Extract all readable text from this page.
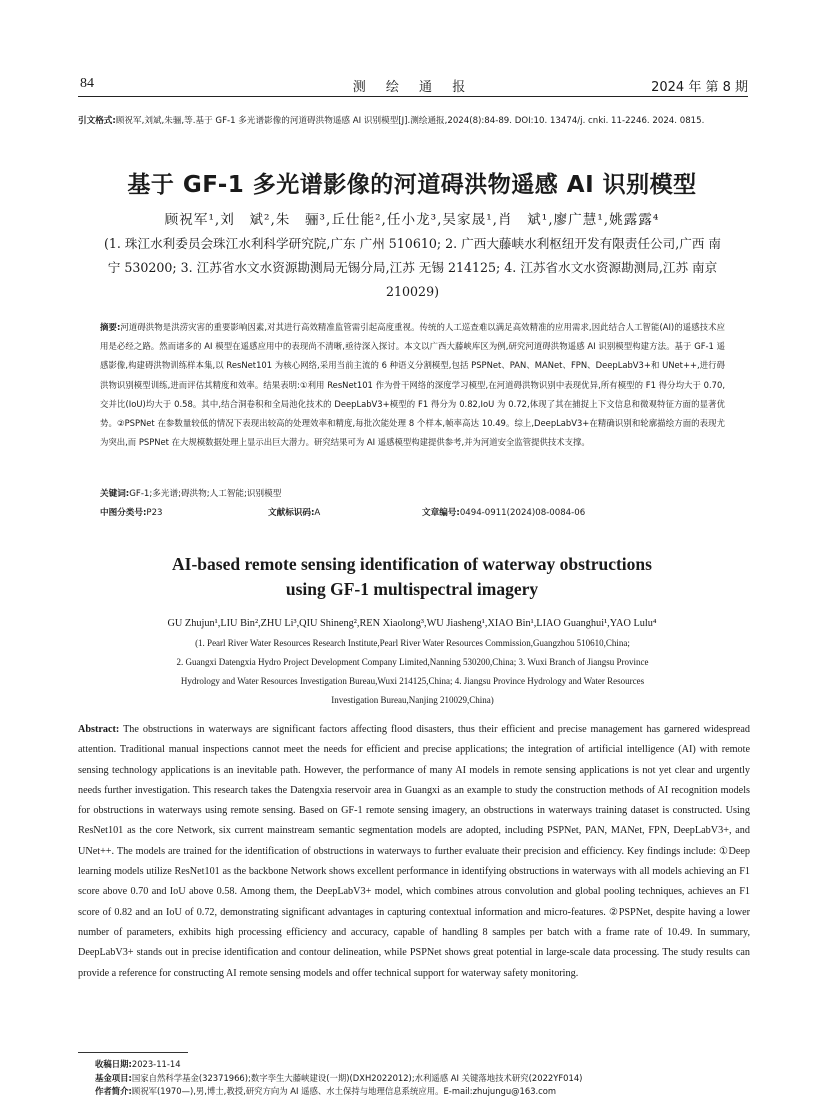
84	测 绘 通 报	2024 年 第 8 期
引文格式:顾祝军,刘斌,朱骊,等.基于 GF-1 多光谱影像的河道碍洪物遥感 AI 识别模型[J].测绘通报,2024(8):84-89. DOI:10. 13474/j. cnki. 11-2246. 2024. 0815.
基于 GF-1 多光谱影像的河道碍洪物遥感 AI 识别模型
顾祝军¹,刘　斌²,朱　骊³,丘仕能²,任小龙³,吴家晟¹,肖　斌¹,廖广慧¹,姚露露⁴
(1. 珠江水利委员会珠江水利科学研究院,广东 广州 510610; 2. 广西大藤峡水利枢纽开发有限责任公司,广西 南宁 530200; 3. 江苏省水文水资源勘测局无锡分局,江苏 无锡 214125; 4. 江苏省水文水资源勘测局,江苏 南京 210029)
摘要:河道碍洪物是洪涝灾害的重要影响因素,对其进行高效精准监管需引起高度重视。传统的人工巡查难以满足高效精准的应用需求,因此结合人工智能(AI)的遥感技术应用是必经之路。然而诸多的 AI 模型在遥感应用中的表现尚不清晰,亟待深入探讨。本文以广西大藤峡库区为例,研究河道碍洪物遥感 AI 识别模型构建方法。基于 GF-1 遥感影像,构建碍洪物训练样本集,以 ResNet101 为核心网络,采用当前主流的 6 种语义分割模型,包括 PSPNet、PAN、MANet、FPN、DeepLabV3+和 UNet++,进行碍洪物识别模型训练,进而评估其精度和效率。结果表明:①利用 ResNet101 作为骨干网络的深度学习模型,在河道碍洪物识别中表现优异,所有模型的 F1 得分均大于 0.70,交并比(IoU)均大于 0.58。其中,结合洞卷积和全局池化技术的 DeepLabV3+模型的 F1 得分为 0.82,IoU 为 0.72,体现了其在捕捉上下文信息和微观特征方面的显著优势。②PSPNet 在参数量较低的情况下表现出较高的处理效率和精度,每批次能处理 8 个样本,帧率高达 10.49。综上,DeepLabV3+在精确识别和轮廓描绘方面的表现尤为突出,而 PSPNet 在大规模数据处理上显示出巨大潜力。研究结果可为 AI 遥感模型构建提供参考,并为河道安全监管提供技术支撑。
关键词:GF-1;多光谱;碍洪物;人工智能;识别模型
中图分类号:P23	文献标识码:A	文章编号:0494-0911(2024)08-0084-06
AI-based remote sensing identification of waterway obstructions
using GF-1 multispectral imagery
GU Zhujun¹,LIU Bin²,ZHU Li³,QIU Shineng²,REN Xiaolong³,WU Jiasheng¹,XIAO Bin¹,LIAO Guanghui¹,YAO Lulu⁴
(1. Pearl River Water Resources Research Institute,Pearl River Water Resources Commission,Guangzhou 510610,China;
2. Guangxi Datengxia Hydro Project Development Company Limited,Nanning 530200,China; 3. Wuxi Branch of Jiangsu Province
Hydrology and Water Resources Investigation Bureau,Wuxi 214125,China; 4. Jiangsu Province Hydrology and Water Resources
Investigation Bureau,Nanjing 210029,China)
Abstract: The obstructions in waterways are significant factors affecting flood disasters, thus their efficient and precise management has garnered widespread attention. Traditional manual inspections cannot meet the needs for efficient and precise applications; the integration of artificial intelligence (AI) with remote sensing technology applications is an inevitable path. However, the performance of many AI models in remote sensing applications is not yet clear and urgently needs further investigation. This research takes the Datengxia reservoir area in Guangxi as an example to study the construction methods of AI recognition models for obstructions in waterways using remote sensing. Based on GF-1 remote sensing imagery, an obstructions in waterways training dataset is constructed. Using ResNet101 as the core Network, six current mainstream semantic segmentation models are adopted, including PSPNet, PAN, MANet, FPN, DeepLabV3+, and UNet++. The models are trained for the identification of obstructions in waterways to further evaluate their precision and efficiency. Key findings include: ①Deep learning models utilize ResNet101 as the backbone Network shows excellent performance in identifying obstructions in waterways with all models achieving an F1 score above 0.70 and IoU above 0.58. Among them, the DeepLabV3+ model, which combines atrous convolution and global pooling techniques, achieves an F1 score of 0.82 and an IoU of 0.72, demonstrating significant advantages in capturing contextual information and micro-features. ②PSPNet, despite having a lower number of parameters, exhibits high processing efficiency and accuracy, capable of handling 8 samples per batch with a frame rate of 10.49. In summary, DeepLabV3+ stands out in precise identification and contour delineation, while PSPNet shows great potential in large-scale data processing. The study results can provide a reference for constructing AI remote sensing models and offer technical support for waterway safety monitoring.
收稿日期:2023-11-14
基金项目:国家自然科学基金(32371966);数字孪生大藤峡建设(一期)(DXH2022012);水利遥感 AI 关键落地技术研究(2022YF014)
作者简介:顾祝军(1970—),男,博士,教授,研究方向为 AI 遥感、水土保持与地理信息系统应用。E-mail:zhujungu@163.com
